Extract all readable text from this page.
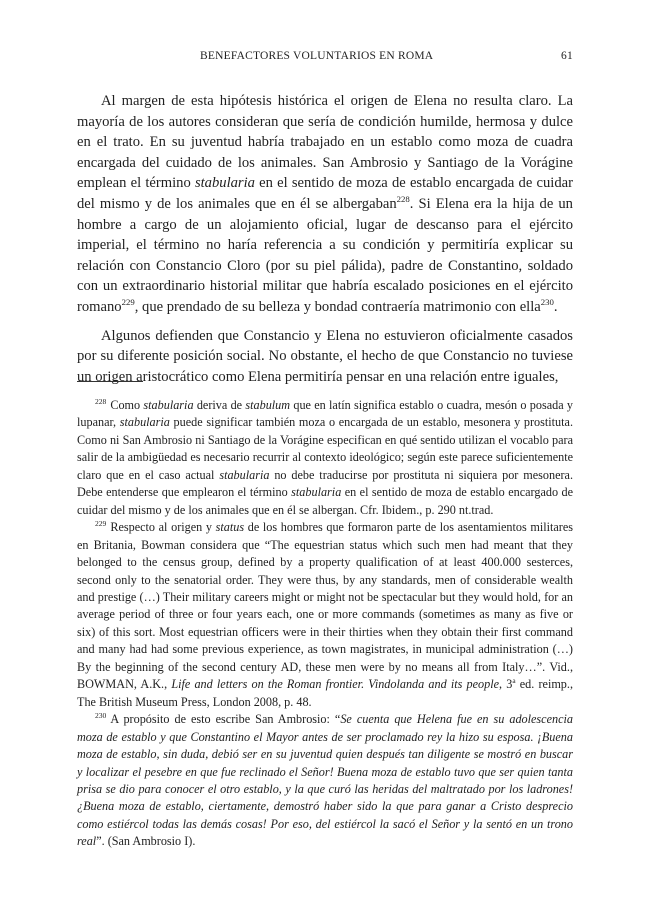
BENEFACTORES VOLUNTARIOS EN ROMA	61

Al margen de esta hipótesis histórica el origen de Elena no resulta claro. La mayoría de los autores consideran que sería de condición humilde, hermosa y dulce en el trato. En su juventud habría trabajado en un establo como moza de cuadra encargada del cuidado de los animales. San Ambrosio y Santiago de la Vorágine emplean el término stabularia en el sentido de moza de establo encargada de cuidar del mismo y de los animales que en él se albergaban$^{228}$. Si Elena era la hija de un hombre a cargo de un alojamiento oficial, lugar de descanso para el ejército imperial, el término no haría referencia a su condición y permitiría explicar su relación con Constancio Cloro (por su piel pálida), padre de Constantino, soldado con un extraordinario historial militar que habría escalado posiciones en el ejército romano$^{229}$, que prendado de su belleza y bondad contraería matrimonio con ella$^{230}$.

Algunos defienden que Constancio y Elena no estuvieron oficialmente casados por su diferente posición social. No obstante, el hecho de que Constancio no tuviese un origen aristocrático como Elena permitiría pensar en una relación entre iguales,

$^{228}$ Como stabularia deriva de stabulum que en latín significa establo o cuadra, mesón o posada y lupanar, stabularia puede significar también moza o encargada de un establo, mesonera y prostituta. Como ni San Ambrosio ni Santiago de la Vorágine especifican en qué sentido utilizan el vocablo para salir de la ambigüedad es necesario recurrir al contexto ideológico; según este parece suficientemente claro que en el caso actual stabularia no debe traducirse por prostituta ni siquiera por mesonera. Debe entenderse que emplearon el término stabularia en el sentido de moza de establo encargado de cuidar del mismo y de los animales que en él se albergan. Cfr. Ibidem., p. 290 nt.trad.

$^{229}$ Respecto al origen y status de los hombres que formaron parte de los asentamientos militares en Britania, Bowman considera que “The equestrian status which such men had meant that they belonged to the census group, defined by a property qualification of at least 400.000 sesterces, second only to the senatorial order. They were thus, by any standards, men of considerable wealth and prestige (…) Their military careers might or might not be spectacular but they would hold, for an average period of three or four years each, one or more commands (sometimes as many as five or six) of this sort. Most equestrian officers were in their thirties when they obtain their first command and many had had some previous experience, as town magistrates, in municipal administration (…) By the beginning of the second century AD, these men were by no means all from Italy…”. Vid., BOWMAN, A.K., Life and letters on the Roman frontier. Vindolanda and its people, 3$^a$ ed. reimp., The British Museum Press, London 2008, p. 48.

$^{230}$ A propósito de esto escribe San Ambrosio: “Se cuenta que Helena fue en su adolescencia moza de establo y que Constantino el Mayor antes de ser proclamado rey la hizo su esposa. ¡Buena moza de establo, sin duda, debió ser en su juventud quien después tan diligente se mostró en buscar y localizar el pesebre en que fue reclinado el Señor! Buena moza de establo tuvo que ser quien tanta prisa se dio para conocer el otro establo, y la que curó las heridas del maltratado por los ladrones! ¿Buena moza de establo, ciertamente, demostró haber sido la que para ganar a Cristo desprecio como estiércol todas las demás cosas! Por eso, del estiércol la sacó el Señor y la sentó en un trono real”. (San Ambrosio I).
